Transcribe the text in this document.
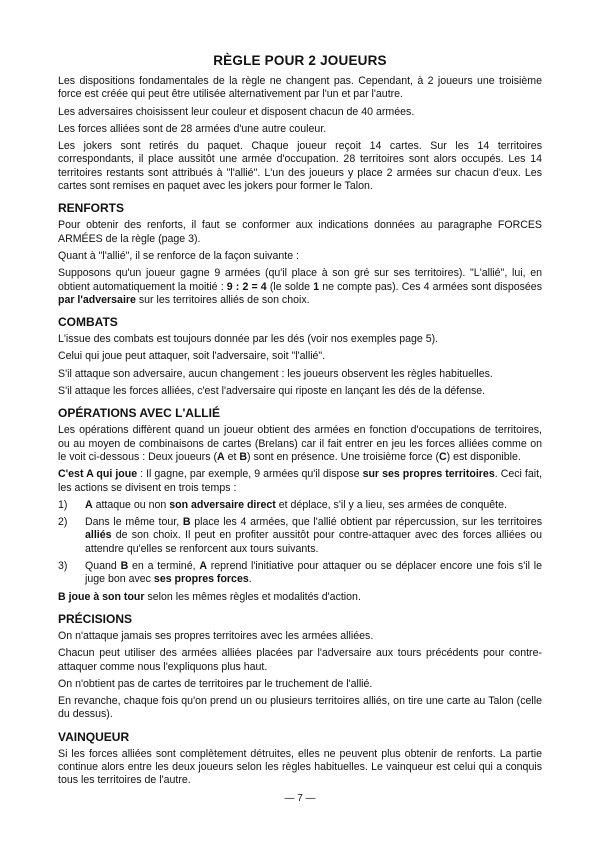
RÈGLE POUR 2 JOUEURS

Les dispositions fondamentales de la règle ne changent pas. Cependant, à 2 joueurs une troisième force est créée qui peut être utilisée alternativement par l'un et par l'autre.

Les adversaires choisissent leur couleur et disposent chacun de 40 armées.

Les forces alliées sont de 28 armées d'une autre couleur.

Les jokers sont retirés du paquet. Chaque joueur reçoit 14 cartes. Sur les 14 territoires correspondants, il place aussitôt une armée d'occupation. 28 territoires sont alors occupés. Les 14 territoires restants sont attribués à "l'allié". L'un des joueurs y place 2 armées sur chacun d'eux. Les cartes sont remises en paquet avec les jokers pour former le Talon.

RENFORTS

Pour obtenir des renforts, il faut se conformer aux indications données au paragraphe FORCES ARMÉES de la règle (page 3).

Quant à "l'allié", il se renforce de la façon suivante :

Supposons qu'un joueur gagne 9 armées (qu'il place à son gré sur ses territoires). "L'allié", lui, en obtient automatiquement la moitié : 9 : 2 = 4 (le solde 1 ne compte pas). Ces 4 armées sont disposées par l'adversaire sur les territoires alliés de son choix.

COMBATS

L'issue des combats est toujours donnée par les dés (voir nos exemples page 5).

Celui qui joue peut attaquer, soit l'adversaire, soit "l'allié".

S'il attaque son adversaire, aucun changement : les joueurs observent les règles habituelles.

S'il attaque les forces alliées, c'est l'adversaire qui riposte en lançant les dés de la défense.

OPÉRATIONS AVEC L'ALLIÉ

Les opérations diffèrent quand un joueur obtient des armées en fonction d'occupations de territoires, ou au moyen de combinaisons de cartes (Brelans) car il fait entrer en jeu les forces alliées comme on le voit ci-dessous : Deux joueurs (A et B) sont en présence. Une troisième force (C) est disponible.

C'est A qui joue : Il gagne, par exemple, 9 armées qu'il dispose sur ses propres territoires. Ceci fait, les actions se divisent en trois temps :

1)	A attaque ou non son adversaire direct et déplace, s'il y a lieu, ses armées de conquête.
2)	Dans le même tour, B place les 4 armées, que l'allié obtient par répercussion, sur les territoires alliés de son choix. Il peut en profiter aussitôt pour contre-attaquer avec des forces alliées ou attendre qu'elles se renforcent aux tours suivants.
3)	Quand B en a terminé, A reprend l'initiative pour attaquer ou se déplacer encore une fois s'il le juge bon avec ses propres forces.

B joue à son tour selon les mêmes règles et modalités d'action.

PRÉCISIONS

On n'attaque jamais ses propres territoires avec les armées alliées.

Chacun peut utiliser des armées alliées placées par l'adversaire aux tours précédents pour contre-attaquer comme nous l'expliquons plus haut.

On n'obtient pas de cartes de territoires par le truchement de l'allié.

En revanche, chaque fois qu'on prend un ou plusieurs territoires alliés, on tire une carte au Talon (celle du dessus).

VAINQUEUR

Si les forces alliées sont complètement détruites, elles ne peuvent plus obtenir de renforts. La partie continue alors entre les deux joueurs selon les règles habituelles. Le vainqueur est celui qui a conquis tous les territoires de l'autre.

— 7 —
